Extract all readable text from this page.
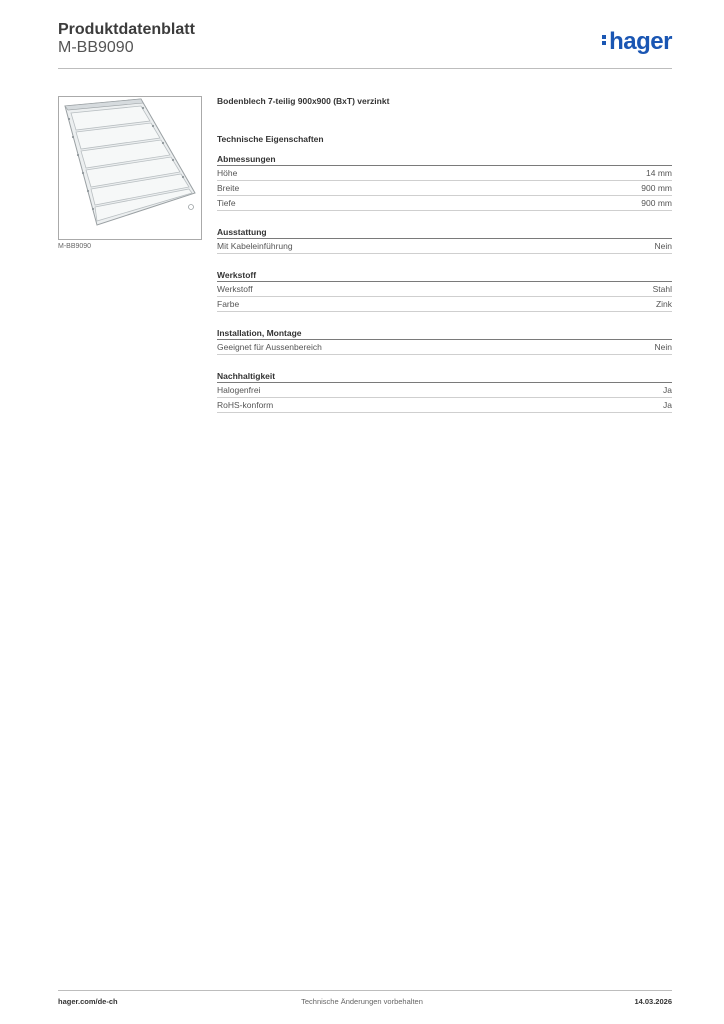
Produktdatenblatt
M-BB9090	hager
M-BB9090
Bodenblech 7-teilig 900x900 (BxT) verzinkt
Technische Eigenschaften
Abmessungen
Höhe	14 mm
Breite	900 mm
Tiefe	900 mm
Ausstattung
Mit Kabeleinführung	Nein
Werkstoff
Werkstoff	Stahl
Farbe	Zink
Installation, Montage
Geeignet für Aussenbereich	Nein
Nachhaltigkeit
Halogenfrei	Ja
RoHS-konform	Ja
hager.com/de-ch	Technische Änderungen vorbehalten	14.03.2026
